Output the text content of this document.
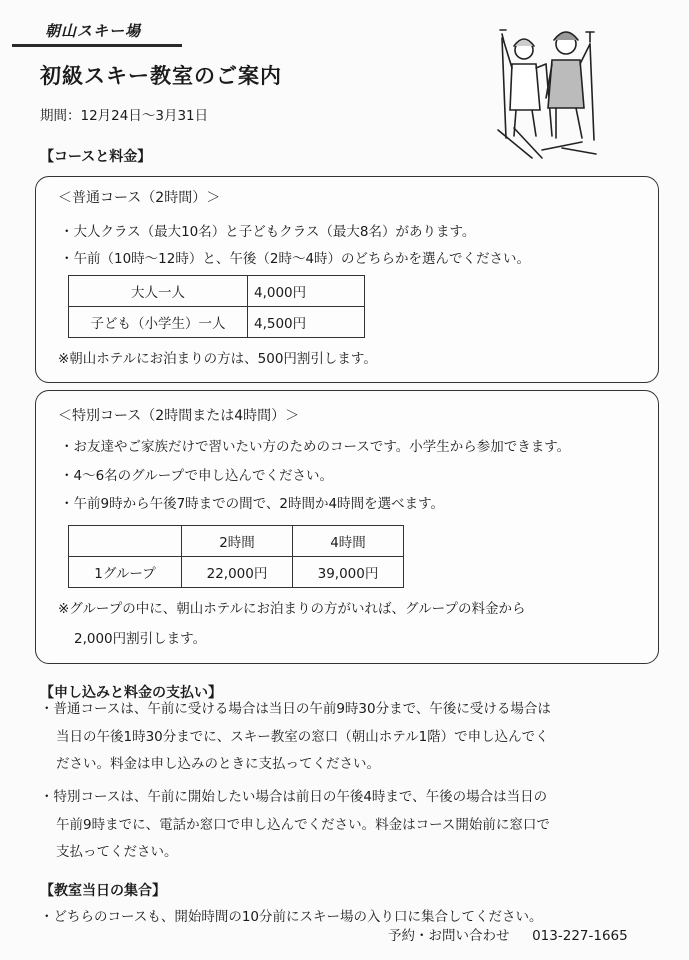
朝山スキー場
初級スキー教室のご案内
期間：12月24日～3月31日
【コースと料金】
＜普通コース（2時間）＞
・大人クラス（最大10名）と子どもクラス（最大8名）があります。
・午前（10時～12時）と、午後（2時～4時）のどちらかを選んでください。
大人一人	4,000円
子ども（小学生）一人	4,500円
※朝山ホテルにお泊まりの方は、500円割引します。
＜特別コース（2時間または4時間）＞
・お友達やご家族だけで習いたい方のためのコースです。小学生から参加できます。
・4～6名のグループで申し込んでください。
・午前9時から午後7時までの間で、2時間か4時間を選べます。
	2時間	4時間
1グループ	22,000円	39,000円
※グループの中に、朝山ホテルにお泊まりの方がいれば、グループの料金から
2,000円割引します。
【申し込みと料金の支払い】
・普通コースは、午前に受ける場合は当日の午前9時30分まで、午後に受ける場合は
当日の午後1時30分までに、スキー教室の窓口（朝山ホテル1階）で申し込んでく
ださい。料金は申し込みのときに支払ってください。
・特別コースは、午前に開始したい場合は前日の午後4時まで、午後の場合は当日の
午前9時までに、電話か窓口で申し込んでください。料金はコース開始前に窓口で
支払ってください。
【教室当日の集合】
・どちらのコースも、開始時間の10分前にスキー場の入り口に集合してください。
予約・お問い合わせ 013-227-1665
